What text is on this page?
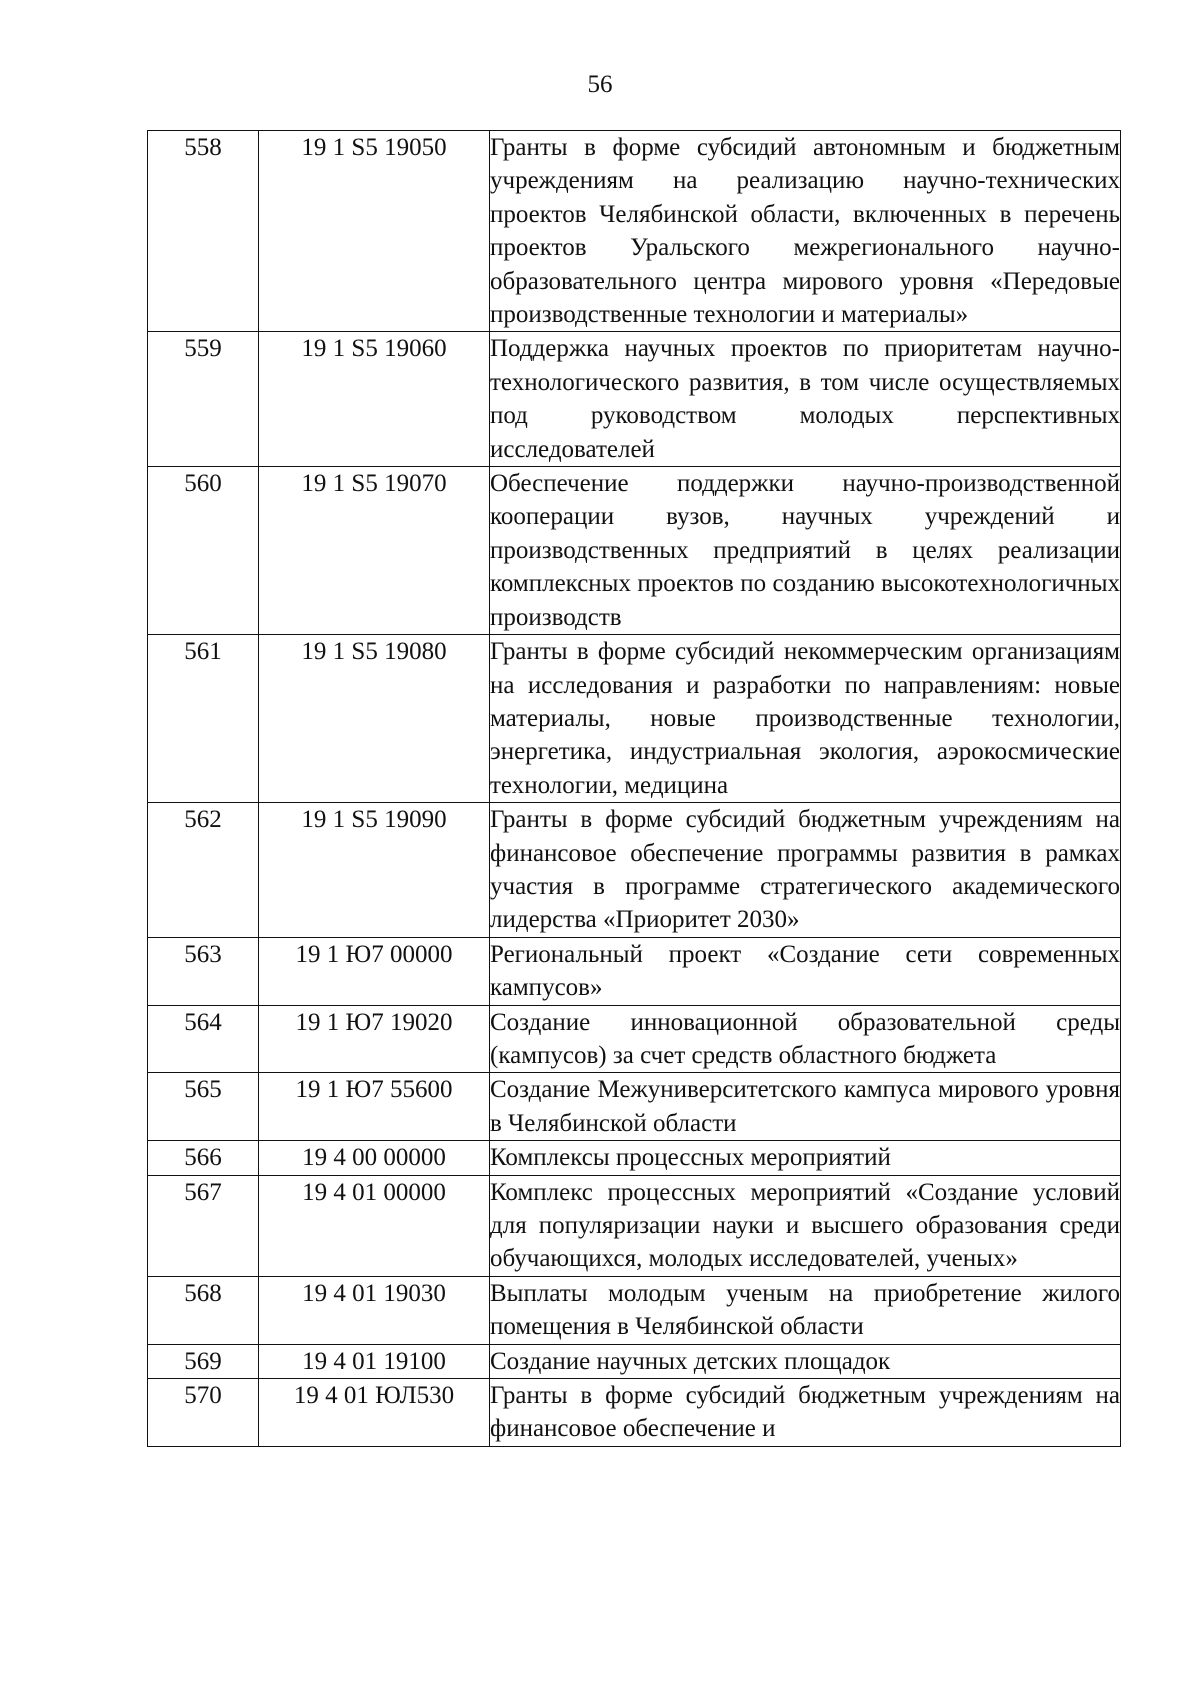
56
558	19 1 S5 19050	Гранты в форме субсидий автономным и бюджетным учреждениям на реализацию научно-технических проектов Челябинской области, включенных в перечень проектов Уральского межрегионального научно-образовательного центра мирового уровня «Передовые производственные технологии и материалы»
559	19 1 S5 19060	Поддержка научных проектов по приоритетам научно-технологического развития, в том числе осуществляемых под руководством молодых перспективных исследователей
560	19 1 S5 19070	Обеспечение поддержки научно-производственной кооперации вузов, научных учреждений и производственных предприятий в целях реализации комплексных проектов по созданию высокотехнологичных производств
561	19 1 S5 19080	Гранты в форме субсидий некоммерческим организациям на исследования и разработки по направлениям: новые материалы, новые производственные технологии, энергетика, индустриальная экология, аэрокосмические технологии, медицина
562	19 1 S5 19090	Гранты в форме субсидий бюджетным учреждениям на финансовое обеспечение программы развития в рамках участия в программе стратегического академического лидерства «Приоритет 2030»
563	19 1 Ю7 00000	Региональный проект «Создание сети современных кампусов»
564	19 1 Ю7 19020	Создание инновационной образовательной среды (кампусов) за счет средств областного бюджета
565	19 1 Ю7 55600	Создание Межуниверситетского кампуса мирового уровня в Челябинской области
566	19 4 00 00000	Комплексы процессных мероприятий
567	19 4 01 00000	Комплекс процессных мероприятий «Создание условий для популяризации науки и высшего образования среди обучающихся, молодых исследователей, ученых»
568	19 4 01 19030	Выплаты молодым ученым на приобретение жилого помещения в Челябинской области
569	19 4 01 19100	Создание научных детских площадок
570	19 4 01 ЮЛ530	Гранты в форме субсидий бюджетным учреждениям на финансовое обеспечение и
